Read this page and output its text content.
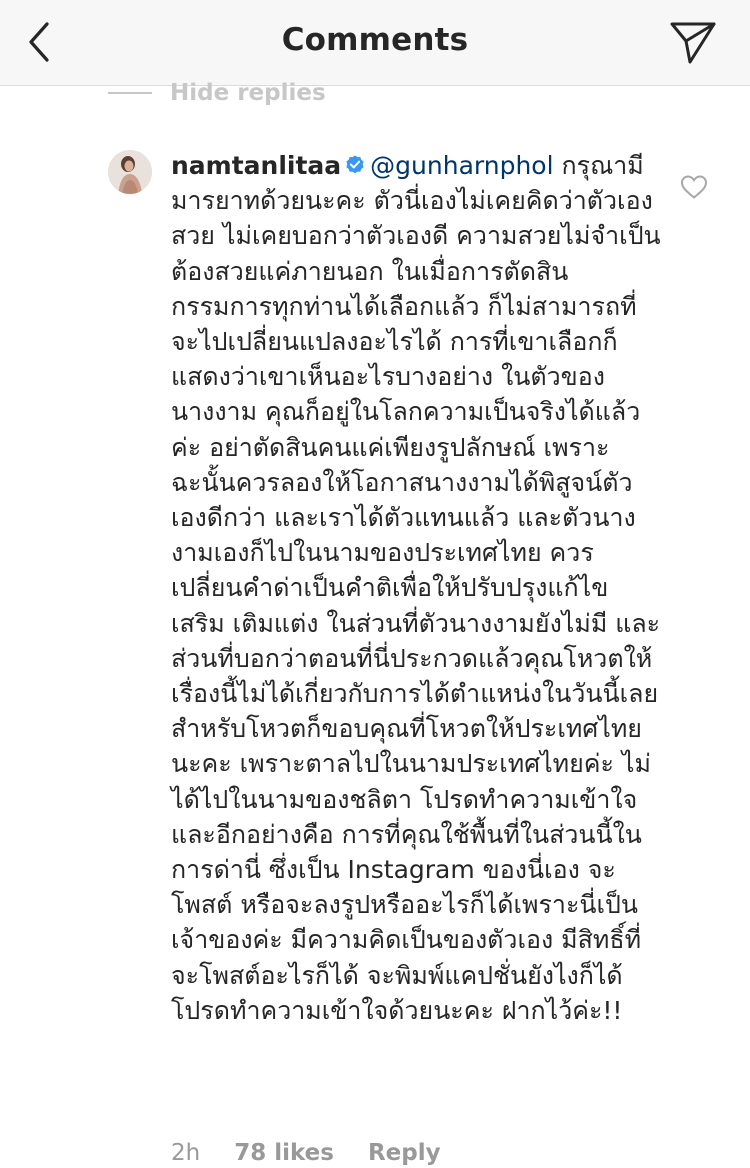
Comments
Hide replies
namtanlitaa @gunharnphol กรุณามีมารยาทด้วยนะคะ ตัวนี่เองไม่เคยคิดว่าตัวเองสวย ไม่เคยบอกว่าตัวเองดี ความสวยไม่จำเป็นต้องสวยแค่ภายนอก ในเมื่อการตัดสินกรรมการทุกท่านได้เลือกแล้ว ก็ไม่สามารถที่จะไปเปลี่ยนแปลงอะไรได้ การที่เขาเลือกก็แสดงว่าเขาเห็นอะไรบางอย่าง ในตัวของนางงาม คุณก็อยู่ในโลกความเป็นจริงได้แล้วค่ะ อย่าตัดสินคนแค่เพียงรูปลักษณ์ เพราะฉะนั้นควรลองให้โอกาสนางงามได้พิสูจน์ตัวเองดีกว่า และเราได้ตัวแทนแล้ว และตัวนางงามเองก็ไปในนามของประเทศไทย ควรเปลี่ยนคำด่าเป็นคำติเพื่อให้ปรับปรุงแก้ไข เสริม เติมแต่ง ในส่วนที่ตัวนางงามยังไม่มี และส่วนที่บอกว่าตอนที่นี่ประกวดแล้วคุณโหวตให้ เรื่องนี้ไม่ได้เกี่ยวกับการได้ตำแหน่งในวันนี้เลย สำหรับโหวตก็ขอบคุณที่โหวตให้ประเทศไทยนะคะ เพราะตาลไปในนามประเทศไทยค่ะ ไม่ได้ไปในนามของชลิตา โปรดทำความเข้าใจ และอีกอย่างคือ การที่คุณใช้พื้นที่ในส่วนนี้ในการด่านี่ ซึ่งเป็น Instagram ของนี่เอง จะโพสต์ หรือจะลงรูปหรืออะไรก็ได้เพราะนี่เป็นเจ้าของค่ะ มีความคิดเป็นของตัวเอง มีสิทธิ์ที่จะโพสต์อะไรก็ได้ จะพิมพ์แคปชั่นยังไงก็ได้ โปรดทำความเข้าใจด้วยนะคะ ฝากไว้ค่ะ!!
2h 78 likes Reply
